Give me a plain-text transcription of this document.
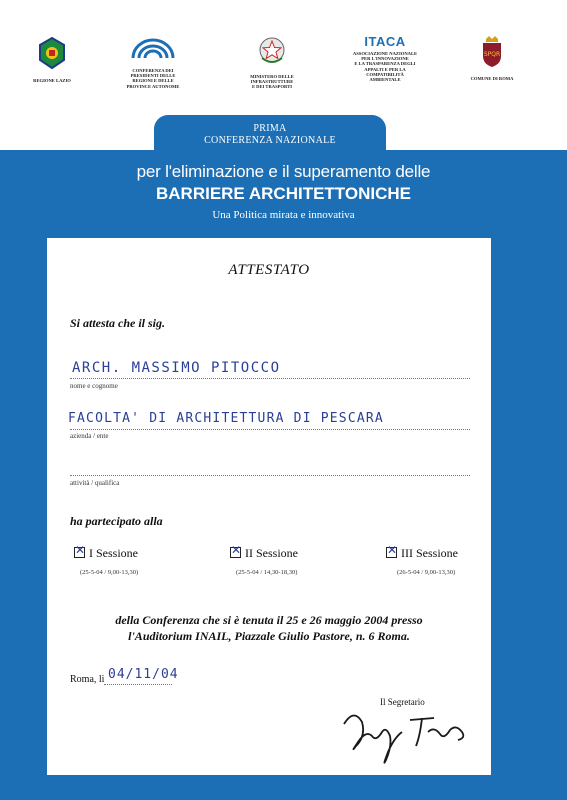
REGIONE LAZIO
CONFERENZA DEI
PRESIDENTI DELLE
REGIONI E DELLE
PROVINCE AUTONOME
MINISTERO DELLE
INFRASTRUTTURE
E DEI TRASPORTI
ITACA
ASSOCIAZIONE NAZIONALE
PER L'INNOVAZIONE
E LA TRASPARENZA DEGLI
APPALTI E PER LA
COMPATIBILITÀ
AMBIENTALE
SPQR
COMUNE DI ROMA
PRIMA
CONFERENZA NAZIONALE
per l'eliminazione e il superamento delle
BARRIERE ARCHITETTONICHE
Una Politica mirata e innovativa
ATTESTATO
Si attesta che il sig.
ARCH. MASSIMO PITOCCO
nome e cognome
FACOLTA' DI ARCHITETTURA DI PESCARA
azienda / ente
attività / qualifica
ha partecipato alla
✕ I Sessione
(25-5-04 / 9,00-13,30)
✕ II Sessione
(25-5-04 / 14,30-18,30)
✕ III Sessione
(26-5-04 / 9,00-13,30)
della Conferenza che si è tenuta il 25 e 26 maggio 2004 presso
l'Auditorium INAIL, Piazzale Giulio Pastore, n. 6 Roma.
Roma, li 04/11/04
Il Segretario
